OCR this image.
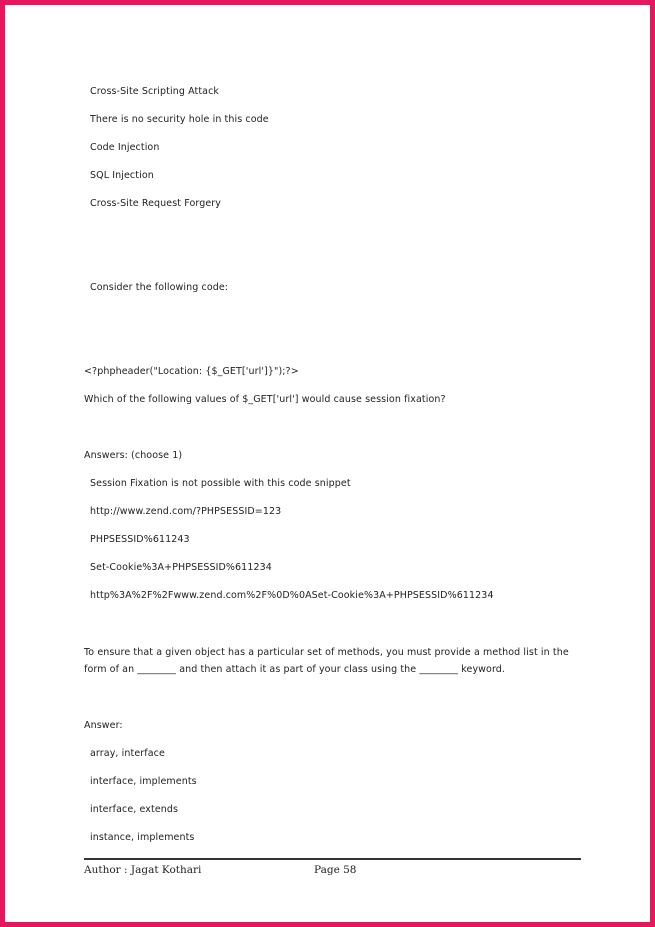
Cross-Site Scripting Attack
There is no security hole in this code
Code Injection
SQL Injection
Cross-Site Request Forgery
Consider the following code:
<?phpheader("Location: {$_GET['url']}");?>
Which of the following values of $_GET['url'] would cause session fixation?
Answers: (choose 1)
Session Fixation is not possible with this code snippet
http://www.zend.com/?PHPSESSID=123
PHPSESSID%611243
Set-Cookie%3A+PHPSESSID%611234
http%3A%2F%2Fwww.zend.com%2F%0D%0ASet-Cookie%3A+PHPSESSID%611234
To ensure that a given object has a particular set of methods, you must provide a method list in the form of an ________ and then attach it as part of your class using the ________ keyword.
Answer:
array, interface
interface, implements
interface, extends
instance, implements
Author : Jagat Kothari	Page 58
